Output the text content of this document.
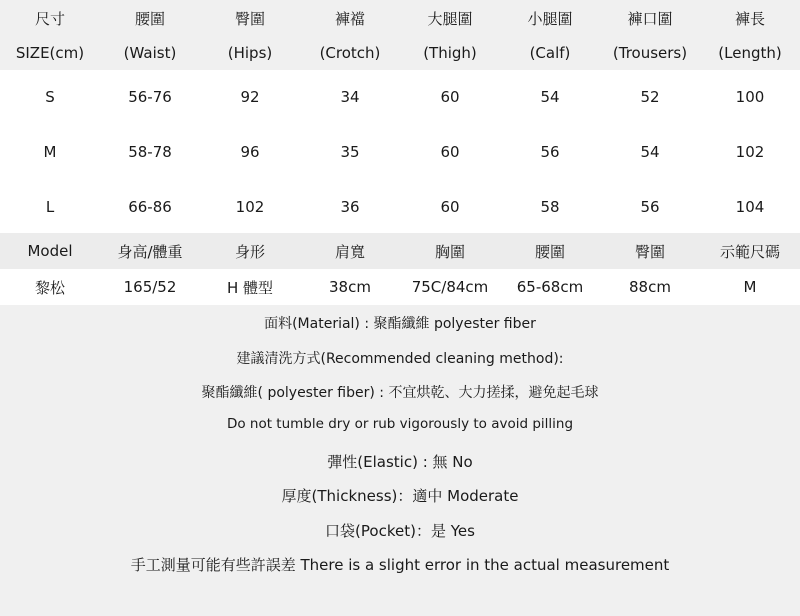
尺寸	腰圍	臀圍	褲襠	大腿圍	小腿圍	褲口圍	褲長
SIZE(cm)	(Waist)	(Hips)	(Crotch)	(Thigh)	(Calf)	(Trousers)	(Length)
S	56-76	92	34	60	54	52	100
M	58-78	96	35	60	56	54	102
L	66-86	102	36	60	58	56	104
Model	身高/體重	身形	肩寬	胸圍	腰圍	臀圍	示範尺碼
黎松	165/52	H 體型	38cm	75C/84cm	65-68cm	88cm	M
面料(Material) : 聚酯纖維 polyester fiber
建議清洗方式(Recommended cleaning method):
聚酯纖維( polyester fiber) : 不宜烘乾、大力搓揉，避免起毛球
Do not tumble dry or rub vigorously to avoid pilling
彈性(Elastic) : 無 No
厚度(Thickness)：適中 Moderate
口袋(Pocket)：是 Yes
手工測量可能有些許誤差 There is a slight error in the actual measurement
